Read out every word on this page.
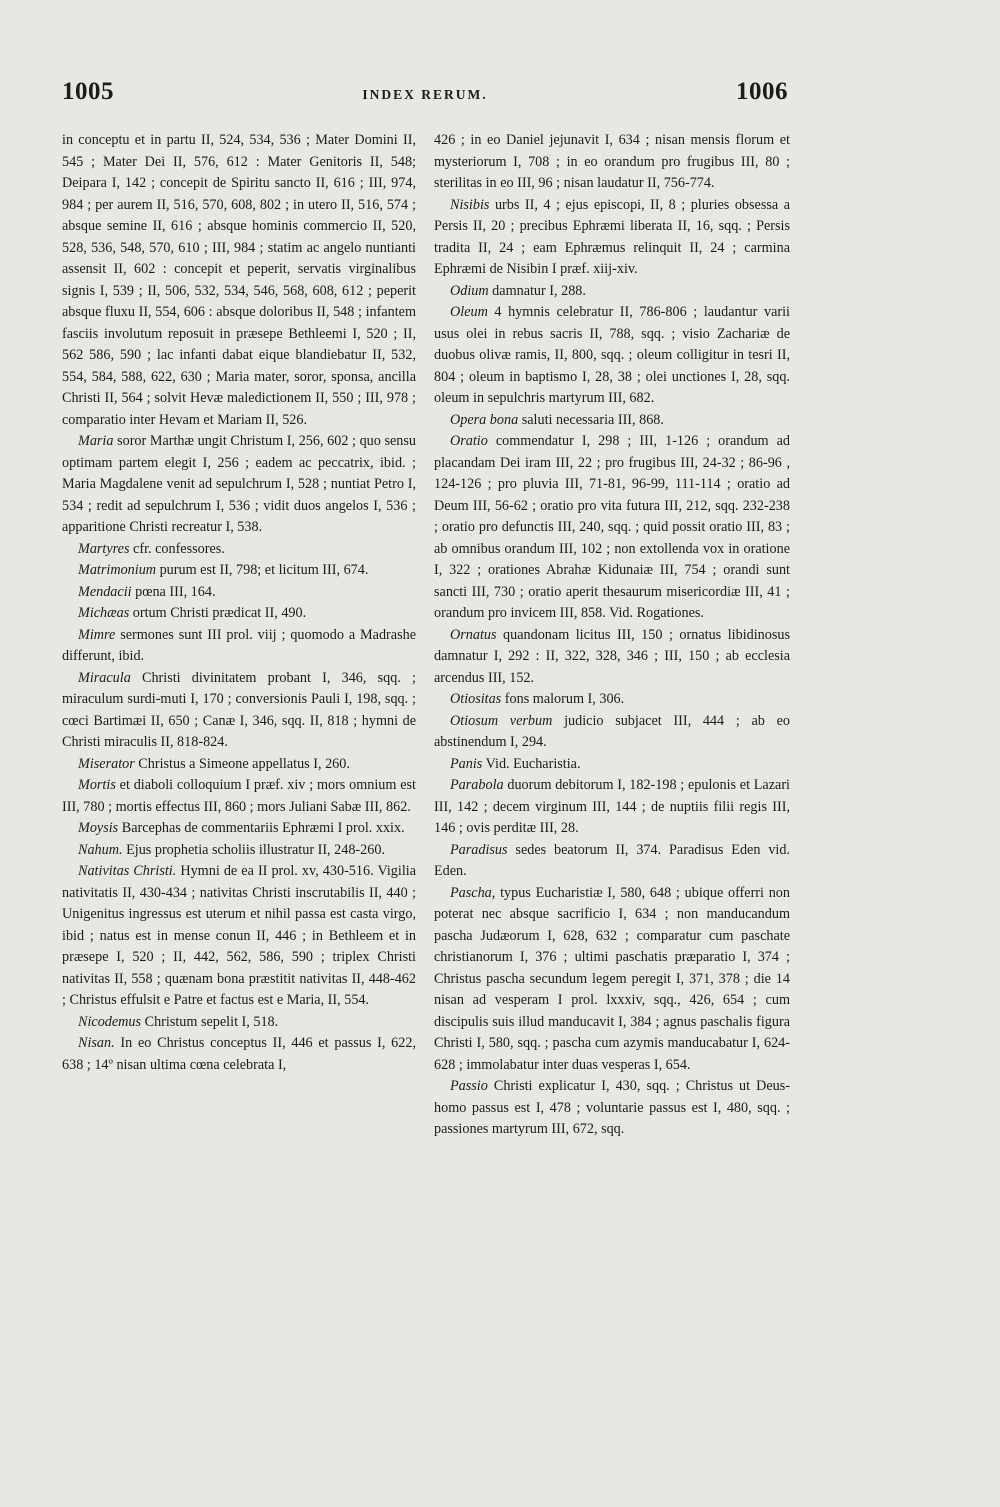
1005	INDEX RERUM.	1006

in conceptu et in partu II, 524, 534, 536 ; Mater Domini II, 545 ; Mater Dei II, 576, 612 : Mater Genitoris II, 548; Deipara I, 142 ; concepit de Spiritu sancto II, 616 ; III, 974, 984 ; per aurem II, 516, 570, 608, 802 ; in utero II, 516, 574 ; absque semine II, 616 ; absque hominis commercio II, 520, 528, 536, 548, 570, 610 ; III, 984 ; statim ac angelo nuntianti assensit II, 602 : concepit et peperit, servatis virginalibus signis I, 539 ; II, 506, 532, 534, 546, 568, 608, 612 ; peperit absque fluxu II, 554, 606 : absque doloribus II, 548 ; infantem fasciis involutum reposuit in præsepe Bethleemi I, 520 ; II, 562 586, 590 ; lac infanti dabat eique blandiebatur II, 532, 554, 584, 588, 622, 630 ; Maria mater, soror, sponsa, ancilla Christi II, 564 ; solvit Hevæ maledictionem II, 550 ; III, 978 ; comparatio inter Hevam et Mariam II, 526.

Maria soror Marthæ ungit Christum I, 256, 602 ; quo sensu optimam partem elegit I, 256 ; eadem ac peccatrix, ibid. ; Maria Magdalene venit ad sepulchrum I, 528 ; nuntiat Petro I, 534 ; redit ad sepulchrum I, 536 ; vidit duos angelos I, 536 ; apparitione Christi recreatur I, 538.

Martyres cfr. confessores.

Matrimonium purum est II, 798; et licitum III, 674.

Mendacii pœna III, 164.

Michæas ortum Christi prædicat II, 490.

Mimre sermones sunt III prol. viij ; quomodo a Madrashe differunt, ibid.

Miracula Christi divinitatem probant I, 346, sqq. ; miraculum surdi-muti I, 170 ; conversionis Pauli I, 198, sqq. ; cœci Bartimæi II, 650 ; Canæ I, 346, sqq. II, 818 ; hymni de Christi miraculis II, 818-824.

Miserator Christus a Simeone appellatus I, 260.

Mortis et diaboli colloquium I præf. xiv ; mors omnium est III, 780 ; mortis effectus III, 860 ; mors Juliani Sabæ III, 862.

Moysis Barcephas de commentariis Ephræmi I prol. xxix.

Nahum. Ejus prophetia scholiis illustratur II, 248-260.

Nativitas Christi. Hymni de ea II prol. xv, 430-516. Vigilia nativitatis II, 430-434 ; nativitas Christi inscrutabilis II, 440 ; Unigenitus ingressus est uterum et nihil passa est casta virgo, ibid ; natus est in mense conun II, 446 ; in Bethleem et in præsepe I, 520 ; II, 442, 562, 586, 590 ; triplex Christi nativitas II, 558 ; quænam bona præstitit nativitas II, 448-462 ; Christus effulsit e Patre et factus est e Maria, II, 554.

Nicodemus Christum sepelit I, 518.

Nisan. In eo Christus conceptus II, 446 et passus I, 622, 638 ; 14º nisan ultima cœna celebrata I,

426 ; in eo Daniel jejunavit I, 634 ; nisan mensis florum et mysteriorum I, 708 ; in eo orandum pro frugibus III, 80 ; sterilitas in eo III, 96 ; nisan laudatur II, 756-774.

Nisibis urbs II, 4 ; ejus episcopi, II, 8 ; pluries obsessa a Persis II, 20 ; precibus Ephræmi liberata II, 16, sqq. ; Persis tradita II, 24 ; eam Ephræmus relinquit II, 24 ; carmina Ephræmi de Nisibin I præf. xiij-xiv.

Odium damnatur I, 288.

Oleum 4 hymnis celebratur II, 786-806 ; laudantur varii usus olei in rebus sacris II, 788, sqq. ; visio Zachariæ de duobus olivæ ramis, II, 800, sqq. ; oleum colligitur in tesri II, 804 ; oleum in baptismo I, 28, 38 ; olei unctiones I, 28, sqq. oleum in sepulchris martyrum III, 682.

Opera bona saluti necessaria III, 868.

Oratio commendatur I, 298 ; III, 1-126 ; orandum ad placandam Dei iram III, 22 ; pro frugibus III, 24-32 ; 86-96 , 124-126 ; pro pluvia III, 71-81, 96-99, 111-114 ; oratio ad Deum III, 56-62 ; oratio pro vita futura III, 212, sqq. 232-238 ; oratio pro defunctis III, 240, sqq. ; quid possit oratio III, 83 ; ab omnibus orandum III, 102 ; non extollenda vox in oratione I, 322 ; orationes Abrahæ Kidunaiæ III, 754 ; orandi sunt sancti III, 730 ; oratio aperit thesaurum misericordiæ III, 41 ; orandum pro invicem III, 858. Vid. Rogationes.

Ornatus quandonam licitus III, 150 ; ornatus libidinosus damnatur I, 292 : II, 322, 328, 346 ; III, 150 ; ab ecclesia arcendus III, 152.

Otiositas fons malorum I, 306.

Otiosum verbum judicio subjacet III, 444 ; ab eo abstinendum I, 294.

Panis Vid. Eucharistia.

Parabola duorum debitorum I, 182-198 ; epulonis et Lazari III, 142 ; decem virginum III, 144 ; de nuptiis filii regis III, 146 ; ovis perditæ III, 28.

Paradisus sedes beatorum II, 374. Paradisus Eden vid. Eden.

Pascha, typus Eucharistiæ I, 580, 648 ; ubique offerri non poterat nec absque sacrificio I, 634 ; non manducandum pascha Judæorum I, 628, 632 ; comparatur cum paschate christianorum I, 376 ; ultimi paschatis præparatio I, 374 ; Christus pascha secundum legem peregit I, 371, 378 ; die 14 nisan ad vesperam I prol. lxxxiv, sqq., 426, 654 ; cum discipulis suis illud manducavit I, 384 ; agnus paschalis figura Christi I, 580, sqq. ; pascha cum azymis manducabatur I, 624-628 ; immolabatur inter duas vesperas I, 654.

Passio Christi explicatur I, 430, sqq. ; Christus ut Deus-homo passus est I, 478 ; voluntarie passus est I, 480, sqq. ; passiones martyrum III, 672, sqq.
